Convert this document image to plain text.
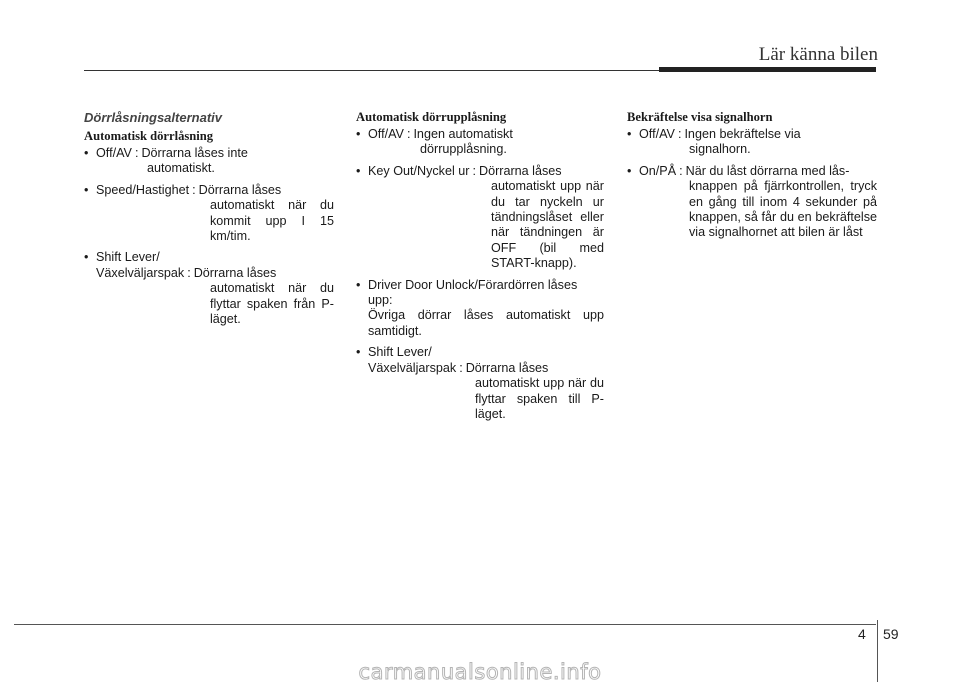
Lär känna bilen
Dörrlåsningsalternativ
Automatisk dörrlåsning
• Off/AV : Dörrarna låses inte
automatiskt.
• Speed/Hastighet : Dörrarna låses
automatiskt när du kommit upp I 15 km/tim.
• Shift Lever/
Växelväljarspak : Dörrarna låses
automatiskt när du flyttar spaken från P-läget.
Automatisk dörrupplåsning
• Off/AV : Ingen automatiskt
dörrupplåsning.
• Key Out/Nyckel ur : Dörrarna låses
automatiskt upp när du tar nyckeln ur tändningslåset eller när tändningen är OFF (bil med START-knapp).
• Driver Door Unlock/Förardörren låses
upp:
Övriga dörrar låses automatiskt upp samtidigt.
• Shift Lever/
Växelväljarspak : Dörrarna låses
automatiskt upp när du flyttar spaken till P-läget.
Bekräftelse visa signalhorn
• Off/AV : Ingen bekräftelse via
signalhorn.
• On/PÅ : När du låst dörrarna med lås-
knappen på fjärrkontrollen, tryck en gång till inom 4 sekunder på knappen, så får du en bekräftelse via signalhornet att bilen är låst
4 59
carmanualsonline.info
